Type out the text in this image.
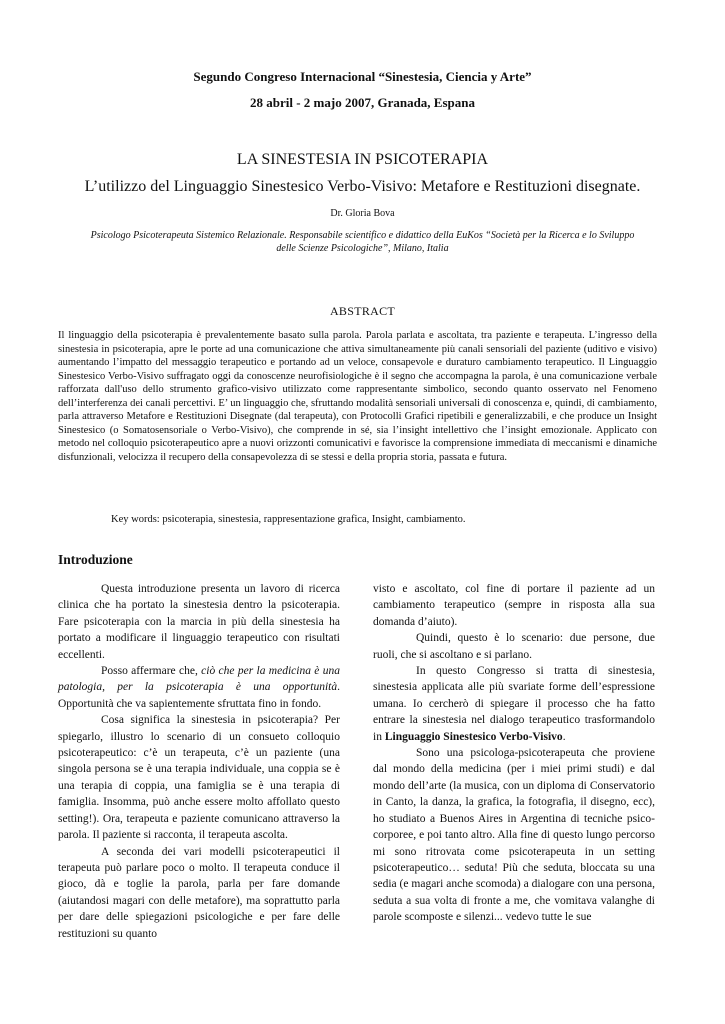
Segundo Congreso Internacional “Sinestesia, Ciencia y Arte”
28 abril - 2 majo 2007, Granada, Espana
LA SINESTESIA IN PSICOTERAPIA
L’utilizzo del Linguaggio Sinestesico Verbo-Visivo: Metafore e Restituzioni disegnate.
Dr. Gloria Bova
Psicologo Psicoterapeuta Sistemico Relazionale. Responsabile scientifico e didattico della EuKos “Società per la Ricerca e lo Sviluppo delle Scienze Psicologiche”, Milano, Italia
ABSTRACT

Il linguaggio della psicoterapia è prevalentemente basato sulla parola. Parola parlata e ascoltata, tra paziente e terapeuta. L’ingresso della sinestesia in psicoterapia, apre le porte ad una comunicazione che attiva simultaneamente più canali sensoriali del paziente (uditivo e visivo) aumentando l’impatto del messaggio terapeutico e portando ad un veloce, consapevole e duraturo cambiamento terapeutico. Il Linguaggio Sinestesico Verbo-Visivo suffragato oggi da conoscenze neurofisiologiche è il segno che accompagna la parola, è una comunicazione verbale rafforzata dall'uso dello strumento grafico-visivo utilizzato come rappresentante simbolico, secondo quanto osservato nel Fenomeno dell’interferenza dei canali percettivi. E’ un linguaggio che, sfruttando modalità sensoriali universali di conoscenza e, quindi, di cambiamento, parla attraverso Metafore e Restituzioni Disegnate (dal terapeuta), con Protocolli Grafici ripetibili e generalizzabili, e che produce un Insight Sinestesico (o Somatosensoriale o Verbo-Visivo), che comprende in sé, sia l’insight intellettivo che l’insight emozionale. Applicato con metodo nel colloquio psicoterapeutico apre a nuovi orizzonti comunicativi e favorisce la comprensione immediata di meccanismi e dinamiche disfunzionali, velocizza il recupero della consapevolezza di se stessi e della propria storia, passata e futura.

Key words: psicoterapia, sinestesia, rappresentazione grafica, Insight, cambiamento.
Introduzione

Questa introduzione presenta un lavoro di ricerca clinica che ha portato la sinestesia dentro la psicoterapia. Fare psicoterapia con la marcia in più della sinestesia ha portato a modificare il linguaggio terapeutico con risultati eccellenti.

Posso affermare che, ciò che per la medicina è una patologia, per la psicoterapia è una opportunità. Opportunità che va sapientemente sfruttata fino in fondo.

Cosa significa la sinestesia in psicoterapia? Per spiegarlo, illustro lo scenario di un consueto colloquio psicoterapeutico: c’è un terapeuta, c’è un paziente (una singola persona se è una terapia individuale, una coppia se è una terapia di coppia, una famiglia se è una terapia di famiglia. Insomma, può anche essere molto affollato questo setting!). Ora, terapeuta e paziente comunicano attraverso la parola. Il paziente si racconta, il terapeuta ascolta.

A seconda dei vari modelli psicoterapeutici il terapeuta può parlare poco o molto. Il terapeuta conduce il gioco, dà e toglie la parola, parla per fare domande (aiutandosi magari con delle metafore), ma soprattutto parla per dare delle spiegazioni psicologiche e per fare delle restituzioni su quanto

visto e ascoltato, col fine di portare il paziente ad un cambiamento terapeutico (sempre in risposta alla sua domanda d’aiuto).

Quindi, questo è lo scenario: due persone, due ruoli, che si ascoltano e si parlano.

In questo Congresso si tratta di sinestesia, sinestesia applicata alle più svariate forme dell’espressione umana. Io cercherò di spiegare il processo che ha fatto entrare la sinestesia nel dialogo terapeutico trasformandolo in Linguaggio Sinestesico Verbo-Visivo.

Sono una psicologa-psicoterapeuta che proviene dal mondo della medicina (per i miei primi studi) e dal mondo dell’arte (la musica, con un diploma di Conservatorio in Canto, la danza, la grafica, la fotografia, il disegno, ecc), ho studiato a Buenos Aires in Argentina di tecniche psico-corporee, e poi tanto altro. Alla fine di questo lungo percorso mi sono ritrovata come psicoterapeuta in un setting psicoterapeutico… seduta! Più che seduta, bloccata su una sedia (e magari anche scomoda) a dialogare con una persona, seduta a sua volta di fronte a me, che vomitava valanghe di parole scomposte e silenzi... vedevo tutte le sue
